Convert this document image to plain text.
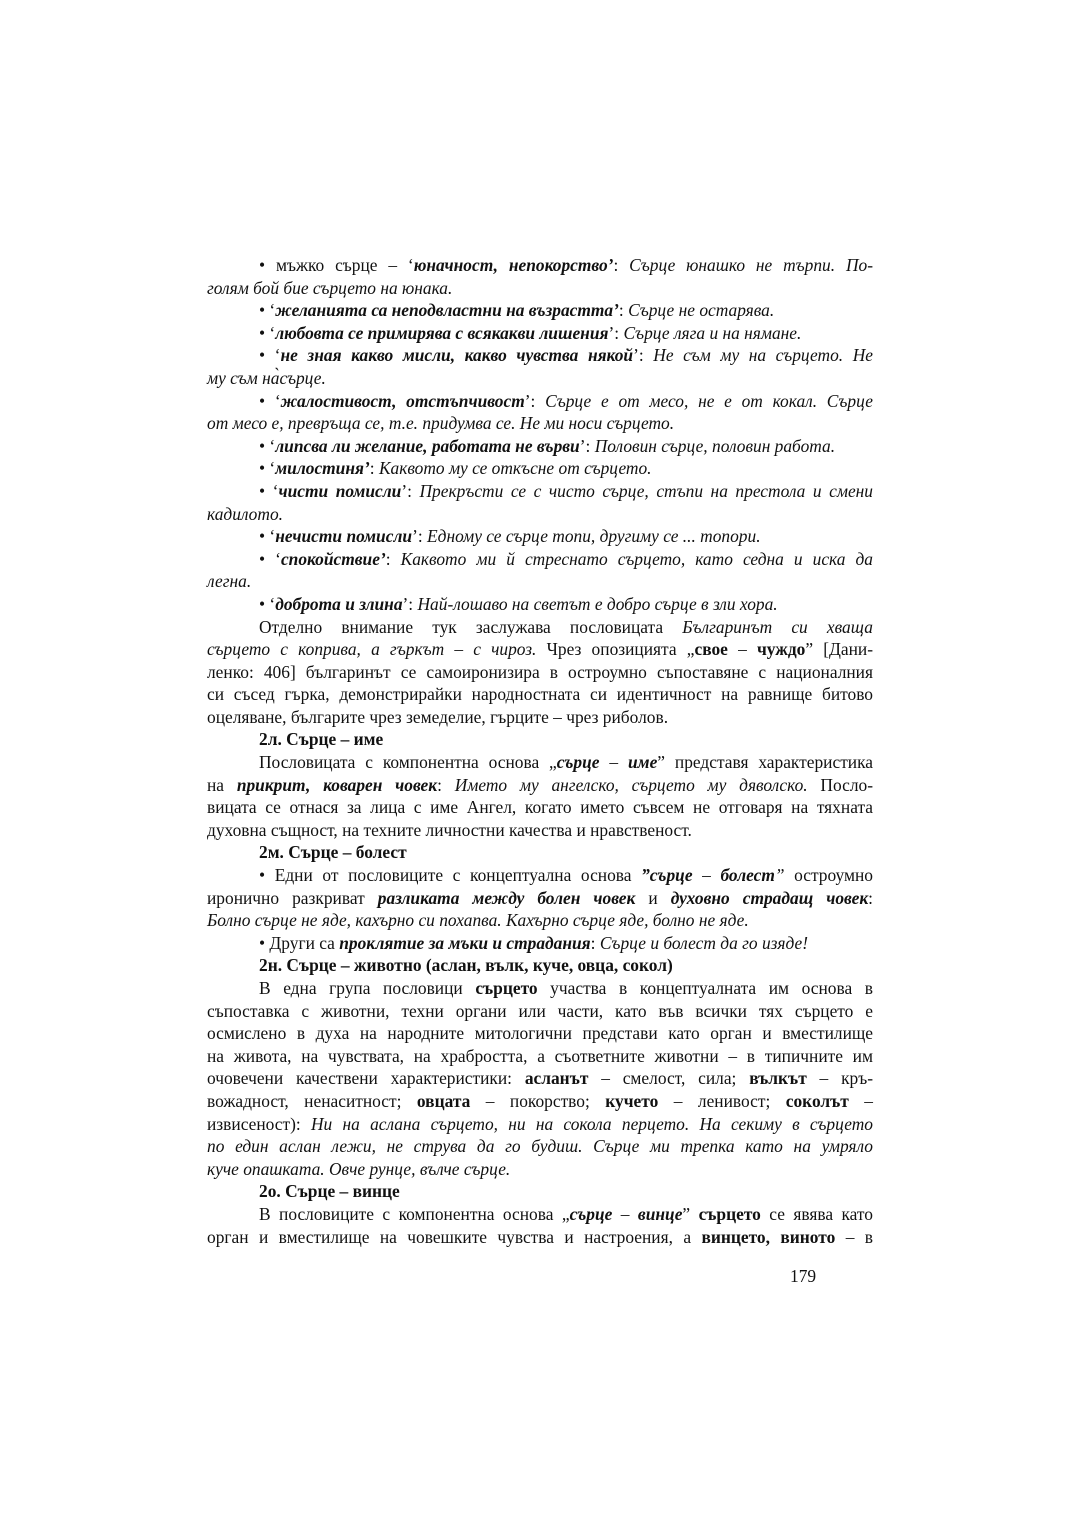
• мъжко сърце – ‘юначност, непокорство’: Сърце юнашко не търпи. По-
голям бой бие сърцето на юнака.
• ‘желанията са неподвластни на възрастта’: Сърце не остарява.
• ‘любовта се примирява с всякакви лишения’: Сърце ляга и на нямане.
• ‘не зная какво мисли, какво чувства някой’: Не съм му на сърцето. Не
му съм на̀сърце.
• ‘жалостивост, отстъпчивост’: Сърце е от месо, не е от кокал. Сърце
от месо е, превръща се, т.е. придумва се. Не ми носи сърцето.
• ‘липсва ли желание, работата не върви’: Половин сърце, половин работа.
• ‘милостиня’: Каквото му се откъсне от сърцето.
• ‘чисти помисли’: Прекръсти се с чисто сърце, стъпи на престола и смени
кадилото.
• ‘нечисти помисли’: Едному се сърце топи, другиму се ... топори.
• ‘спокойствие’: Каквото ми й стреснато сърцето, като седна и иска да
легна.
• ‘доброта и злина’: Най-лошаво на светът е добро сърце в зли хора.
Отделно внимание тук заслужава пословицата Българинът си хваща
сърцето с коприва, а гъркът – с чироз. Чрез опозицията „свое – чуждо” [Дани-
ленко: 406] българинът се самоиронизира в остроумно съпоставяне с националния
си съсед гърка, демонстрирайки народностната си идентичност на равнище битово
оцеляване, българите чрез земеделие, гърците – чрез риболов.
2л. Сърце – име
Пословицата с компонентна основа „сърце – име” представя характеристика
на прикрит, коварен човек: Името му ангелско, сърцето му дяволско. Посло-
вицата се отнася за лица с име Ангел, когато името съвсем не отговаря на тяхната
духовна същност, на техните личностни качества и нравственост.
2м. Сърце – болест
• Едни от пословиците с концептуална основа ”сърце – болест” остроумно
иронично разкриват разликата между болен човек и духовно страдащ човек:
Болно сърце не яде, кахърно си похапва. Кахърно сърце яде, болно не яде.
• Други са проклятие за мъки и страдания: Сърце и болест да го изяде!
2н. Сърце – животно (аслан, вълк, куче, овца, сокол)
В една група пословици сърцето участва в концептуалната им основа в
съпоставка с животни, техни органи или части, като във всички тях сърцето е
осмислено в духа на народните митологични представи като орган и вместилище
на живота, на чувствата, на храбростта, а съответните животни – в типичните им
очовечени качествени характеристики: асланът – смелост, сила; вълкът – кръ-
вожадност, ненаситност; овцата – покорство; кучето – ленивост; соколът –
извисеност): Ни на аслана сърцето, ни на сокола перцето. На секиму в сърцето
по един аслан лежи, не струва да го будиш. Сърце ми трепка като на умряло
куче опашката. Овче рунце, вълче сърце.
2о. Сърце – винце
В пословиците с компонентна основа „сърце – винце” сърцето се явява като
орган и вместилище на човешките чувства и настроения, а винцето, виното – в
179
